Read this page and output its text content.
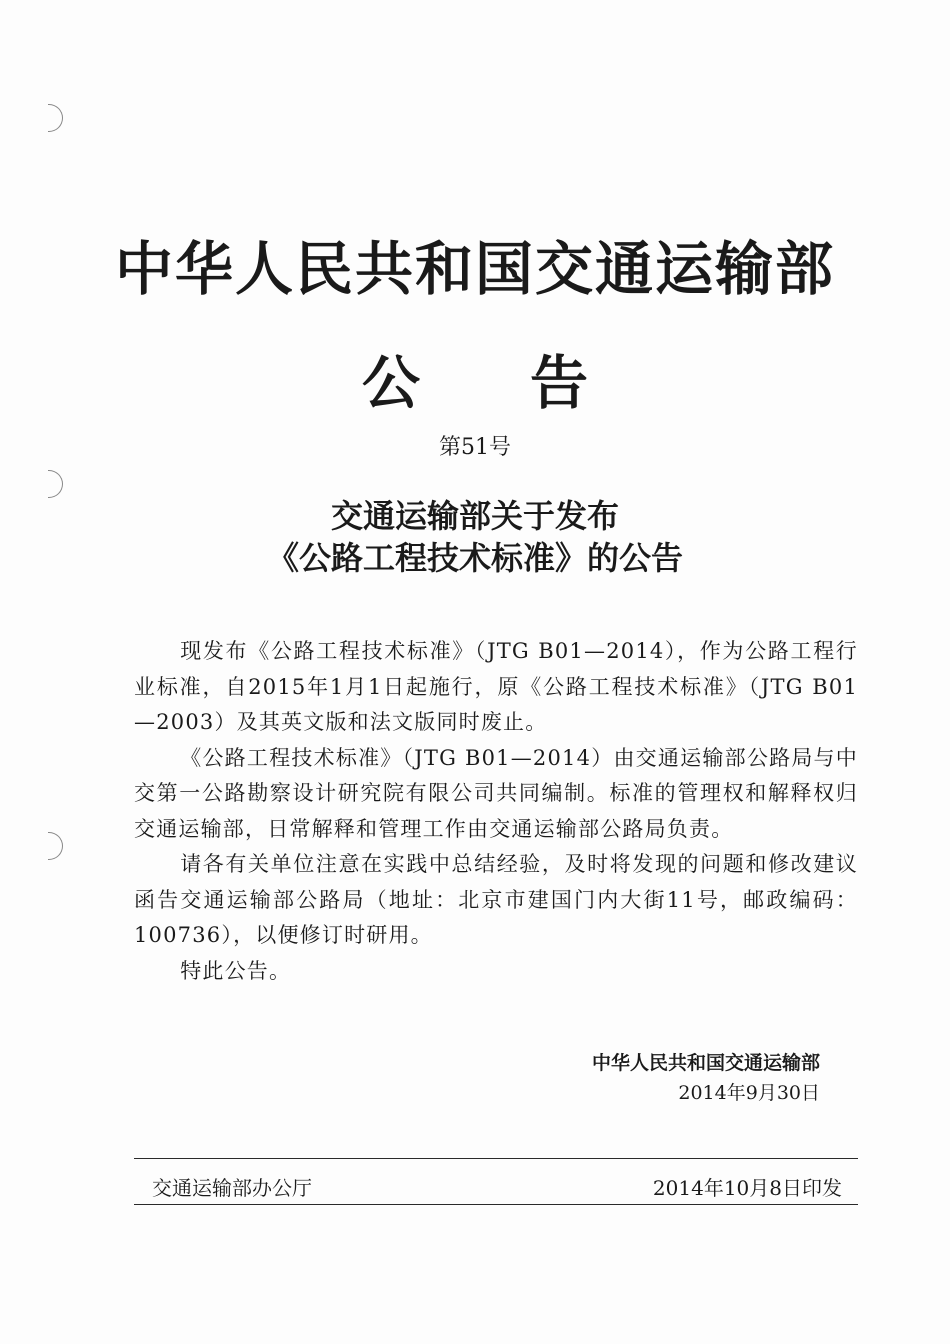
中华人民共和国交通运输部
公告
第51号
交通运输部关于发布
《公路工程技术标准》的公告

现发布《公路工程技术标准》（JTG B01—2014），作为公路工程行业标准，自2015年1月1日起施行，原《公路工程技术标准》（JTG B01—2003）及其英文版和法文版同时废止。

《公路工程技术标准》（JTG B01—2014）由交通运输部公路局与中交第一公路勘察设计研究院有限公司共同编制。标准的管理权和解释权归交通运输部，日常解释和管理工作由交通运输部公路局负责。

请各有关单位注意在实践中总结经验，及时将发现的问题和修改建议函告交通运输部公路局（地址：北京市建国门内大街11号，邮政编码：100736），以便修订时研用。

特此公告。

中华人民共和国交通运输部
2014年9月30日
交通运输部办公厅	2014年10月8日印发
